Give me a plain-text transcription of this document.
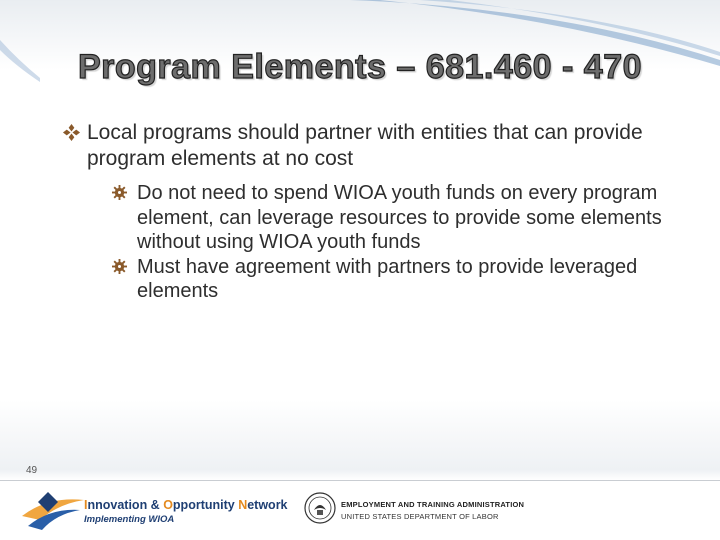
Program Elements – 681.460 - 470
Local programs should partner with entities that can provide program elements at no cost
Do not need to spend WIOA youth funds on every program element, can leverage resources to provide some elements without using WIOA youth funds
Must have agreement with partners to provide leveraged elements
49
Innovation & Opportunity Network
Implementing WIOA
EMPLOYMENT AND TRAINING ADMINISTRATION
UNITED STATES DEPARTMENT OF LABOR
